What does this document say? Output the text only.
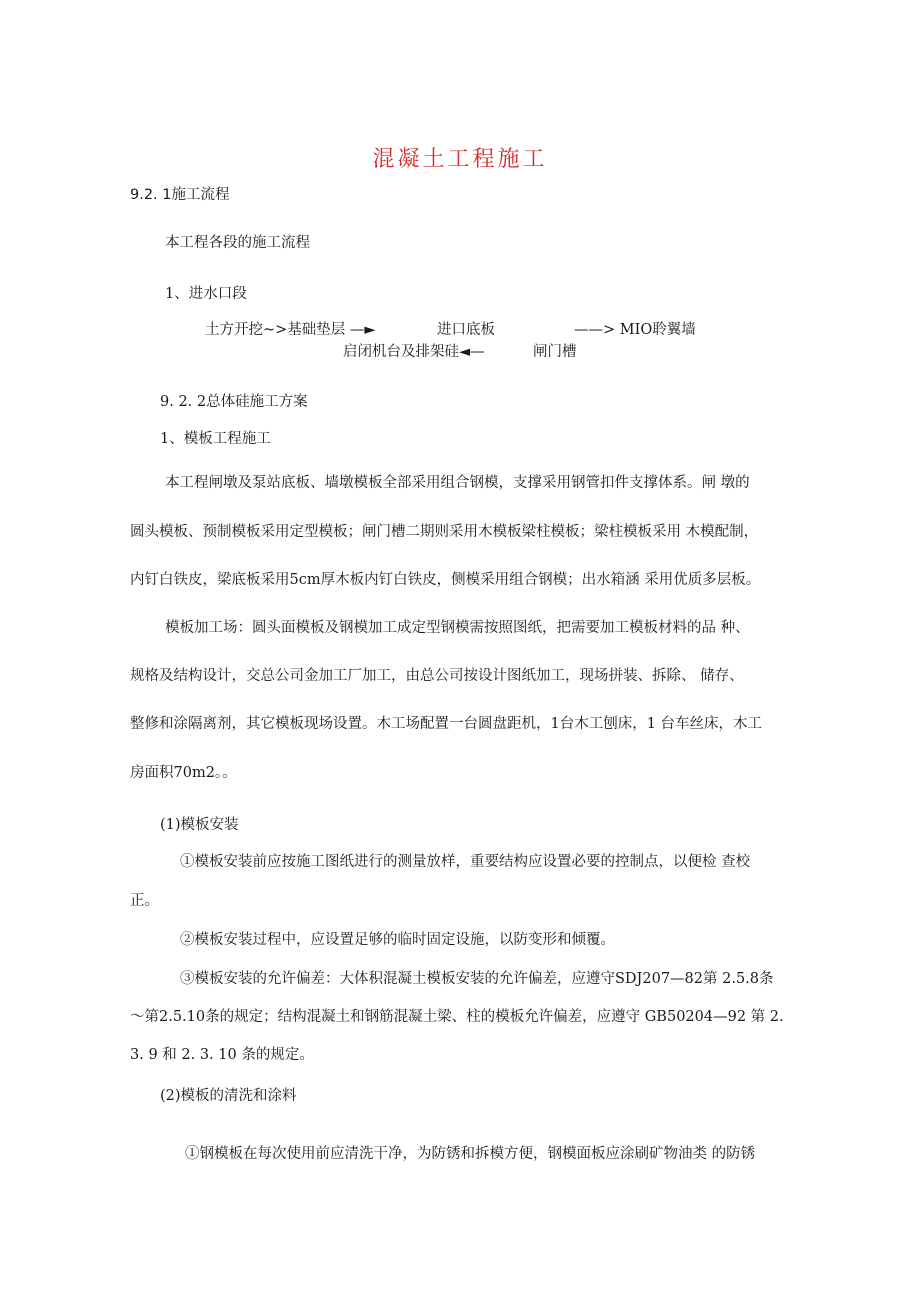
混凝土工程施工
9.2. 1施工流程
本工程各段的施工流程
1、进水口段
土方开挖~>基础垫层 —►	进口底板	——> MIO聆翼墙
启闭机台及排架硅◄—	闸门槽
9. 2. 2总体硅施工方案
1、模板工程施工
本工程闸墩及泵站底板、墙墩模板全部采用组合钢模，支撑采用钢管扣件支撑体系。闸 墩的
圆头模板、预制模板采用定型模板；闸门槽二期则采用木模板梁柱模板；梁柱模板采用 木模配制，
内钉白铁皮，梁底板采用5cm厚木板内钉白铁皮，侧模采用组合钢模；出水箱涵 采用优质多层板。
模板加工场：圆头面模板及钢模加工成定型钢模需按照图纸，把需要加工模板材料的品 种、
规格及结构设计，交总公司金加工厂加工，由总公司按设计图纸加工，现场拼装、拆除、 储存、
整修和涂隔离剂，其它模板现场设置。木工场配置一台圆盘距机，1台木工刨床，1 台车丝床，木工
房面积70m2。。
(1)模板安装
①模板安装前应按施工图纸进行的测量放样，重要结构应设置必要的控制点，以便检 查校
正。
②模板安装过程中，应设置足够的临时固定设施，以防变形和倾覆。
③模板安装的允许偏差：大体积混凝土模板安装的允许偏差，应遵守SDJ207—82第 2.5.8条
～第2.5.10条的规定；结构混凝土和钢筋混凝土梁、柱的模板允许偏差，应遵守 GB50204—92 第 2.
3. 9 和 2. 3. 10 条的规定。
(2)模板的清洗和涂料
①钢模板在每次使用前应清洗干净，为防锈和拆模方便，钢模面板应涂刷矿物油类 的防锈
